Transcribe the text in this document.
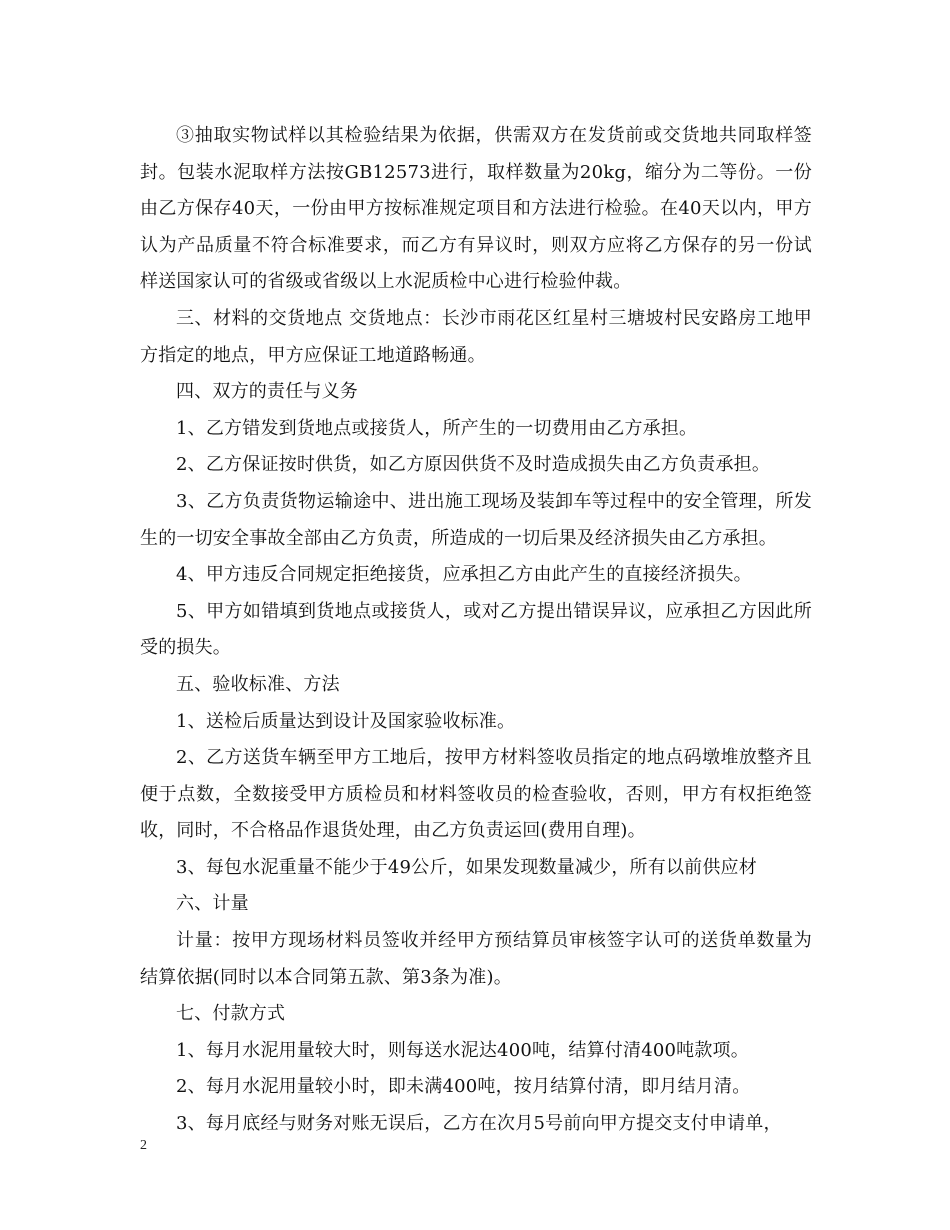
③抽取实物试样以其检验结果为依据，供需双方在发货前或交货地共同取样签封。包装水泥取样方法按GB12573进行，取样数量为20kg，缩分为二等份。一份由乙方保存40天，一份由甲方按标准规定项目和方法进行检验。在40天以内，甲方认为产品质量不符合标准要求，而乙方有异议时，则双方应将乙方保存的另一份试样送国家认可的省级或省级以上水泥质检中心进行检验仲裁。

三、材料的交货地点 交货地点：长沙市雨花区红星村三塘坡村民安路房工地甲方指定的地点，甲方应保证工地道路畅通。

四、双方的责任与义务

1、乙方错发到货地点或接货人，所产生的一切费用由乙方承担。

2、乙方保证按时供货，如乙方原因供货不及时造成损失由乙方负责承担。

3、乙方负责货物运输途中、进出施工现场及装卸车等过程中的安全管理，所发生的一切安全事故全部由乙方负责，所造成的一切后果及经济损失由乙方承担。

4、甲方违反合同规定拒绝接货，应承担乙方由此产生的直接经济损失。

5、甲方如错填到货地点或接货人，或对乙方提出错误异议，应承担乙方因此所受的损失。

五、验收标准、方法

1、送检后质量达到设计及国家验收标准。

2、乙方送货车辆至甲方工地后，按甲方材料签收员指定的地点码墩堆放整齐且便于点数，全数接受甲方质检员和材料签收员的检查验收，否则，甲方有权拒绝签收，同时，不合格品作退货处理，由乙方负责运回(费用自理)。

3、每包水泥重量不能少于49公斤，如果发现数量减少，所有以前供应材

六、计量

计量：按甲方现场材料员签收并经甲方预结算员审核签字认可的送货单数量为结算依据(同时以本合同第五款、第3条为准)。

七、付款方式

1、每月水泥用量较大时，则每送水泥达400吨，结算付清400吨款项。

2、每月水泥用量较小时，即未满400吨，按月结算付清，即月结月清。

3、每月底经与财务对账无误后，乙方在次月5号前向甲方提交支付申请单，

2
